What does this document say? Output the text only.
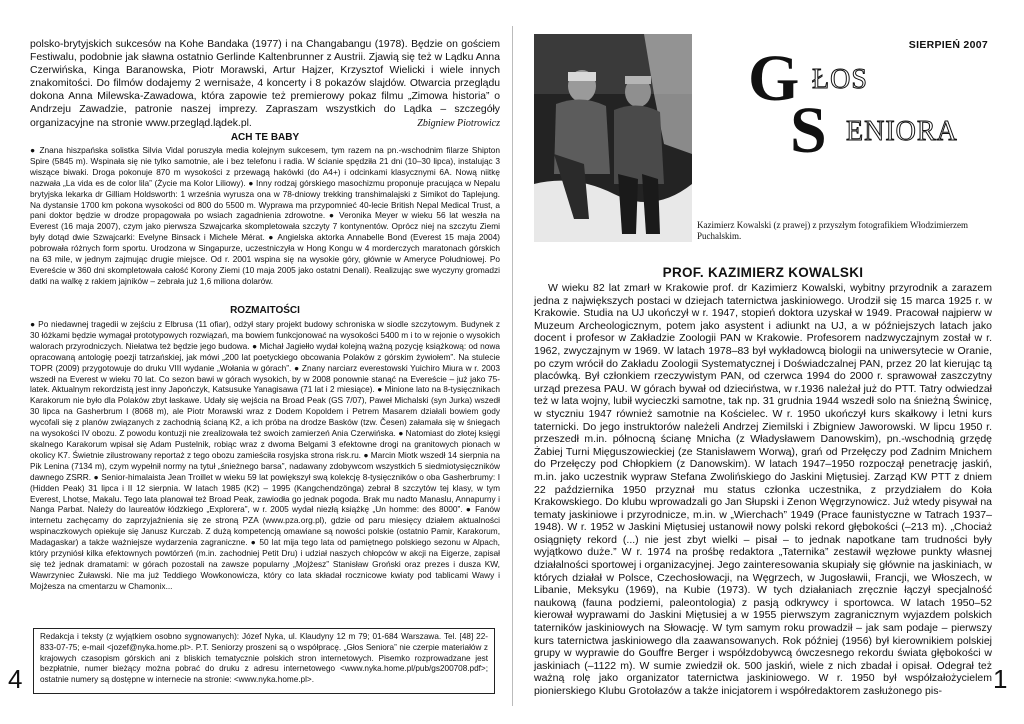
polsko-brytyjskich sukcesów na Kohe Bandaka (1977) i na Changabangu (1978). Będzie on gościem Festiwalu, podobnie jak sławna ostatnio Gerlinde Kaltenbrunner z Austrii. Zjawią się też w Lądku Anna Czerwińska, Kinga Baranowska, Piotr Morawski, Artur Hajzer, Krzysztof Wielicki i wiele innych znakomitości. Do filmów dodajemy 2 wernisaże, 4 koncerty i 8 pokazów slajdów. Otwarcia przeglądu dokona Anna Milewska-Zawadowa, która zapowie też premierowy pokaz filmu „Zimowa historia” o Andrzeju Zawadzie, patronie naszej imprezy. Zapraszam wszystkich do Lądka – szczegóły organizacyjne na stronie www.przegląd.lądek.pl.	Zbigniew Piotrowicz
ACH TE BABY
● Znana hiszpańska solistka Silvia Vidal poruszyła media kolejnym sukcesem, tym razem na pn.-wschodnim filarze Shipton Spire (5845 m). Wspinała się nie tylko samotnie, ale i bez telefonu i radia. W ścianie spędziła 21 dni (10–30 lipca), instalując 3 wiszące biwaki. Droga pokonuje 870 m wysokości z przewagą hakówki (do A4+) i odcinkami klasycznymi 6A. Nową niitkę nazwała „La vida es de color lila” (Życie ma Kolor Liliowy). ● Inny rodzaj górskiego masochizmu proponuje pracująca w Nepalu brytyjska lekarka dr Gilliam Holdsworth: 1 września wyrusza ona w 78-dniowy trekking transhimalajski z Simikot do Taplejung. Na dystansie 1700 km pokona wysokości od 800 do 5500 m. Wyprawa ma przypomnieć 40-lecie British Nepal Medical Trust, a pani doktor będzie w drodze propagowała po wsiach zagadnienia zdrowotne. ● Veronika Meyer w wieku 56 lat weszła na Everest (16 maja 2007), czym jako pierwsza Szwajcarka skompletowała szczyty 7 kontynentów. Oprócz niej na szczytu Ziemi były dotąd dwie Szwajcarki: Evelyne Binsack i Michele Mérat. ● Angielska aktorka Annabelle Bond (Everest 15 maja 2004) pobrowała różnych form sportu. Urodzona w Singapurze, uczestniczyła w Hong Kongu w 4 morderczych maratonach górskich na 63 mile, w jednym zajmując drugie miejsce. Od r. 2001 wspina się na wysokie góry, głównie w Ameryce Południowej. Po Evereście w 360 dni skompletowała całość Korony Ziemi (10 maja 2005 jako ostatni Denali). Realizując swe wyczyny gromadzi datki na walkę z rakiem jajników – zebrała już 1,6 miliona dolarów.
ROZMAITOŚCI
● Po niedawnej tragedii w zejściu z Elbrusa (11 ofiar), odżył stary projekt budowy schroniska w siodle szczytowym. Budynek z 30 łóżkami będzie wymagał prototypowych rozwiązań, ma bowiem funkcjonować na wysokości 5400 m i to w rejonie o wysokich walorach przyrodniczych. Niełatwa też będzie jego budowa. ● Michał Jagiełło wydał kolejną ważną pozycję książkową: od nowa opracowaną antologię poezji tatrzańskiej, jak mówi „200 lat poetyckiego obcowania Polaków z górskim żywiołem”. Na stulecie TOPR (2009) przygotowuje do druku VIII wydanie „Wołania w górach”. ● Znany narciarz everestowski Yuichiro Miura w r. 2003 wszedł na Everest w wieku 70 lat. Co sezon bawi w górach wysokich, by w 2008 ponownie stanąć na Evereście – już jako 75-latek. Aktualnym rekordzistą jest inny Japończyk, Katsusuke Yanagisawa (71 lat i 2 miesiące). ● Minione lato na 8-tysięcznikach Karakorum nie było dla Polaków zbyt łaskawe. Udały się wejścia na Broad Peak (GS 7/07), Paweł Michalski (syn Jurka) wszedł 30 lipca na Gasherbrum I (8068 m), ale Piotr Morawski wraz z Dodem Kopoldem i Petrem Masarem działali bowiem gody wycofali się z planów związanych z zachodnią ścianą K2, a ich próba na drodze Basków (tzw. Česen) załamała się w śniegach na wysokości IV obozu. Z powodu kontuzji nie zrealizowała też swoich zamierzeń Ania Czerwińska. ● Natomiast do złotej księgi skalnego Karakorum wpisał się Adam Pustelnik, robiąc wraz z dwoma Belgami 3 efektowne drogi na granitowych pionach w okolicy K7. Świetnie zilustrowany reportaż z tego obozu zamieściła rosyjska strona risk.ru. ● Marcin Miotk wszedł 14 sierpnia na Pik Lenina (7134 m), czym wypełnił normy na tytuł „śnieżnego barsa”, nadawany zdobywcom wszystkich 5 siedmiotysięczników dawnego ZSRR. ● Senior-himalaista Jean Troillet w wieku 59 lat powiększył swą kolekcję 8-tysięczników o oba Gasherbrumy: I (Hidden Peak) 31 lipca i II 12 sierpnia. W latach 1985 (K2) – 1995 (Kangchendzönga) zebrał 8 szczytów tej klasy, w tym Everest, Lhotse, Makalu. Tego lata planował też Broad Peak, zawiodła go jednak pogoda. Brak mu nadto Manaslu, Annapurny i Nanga Parbat. Należy do laureatów łódzkiego „Explorera”, w r. 2005 wydał niezłą książkę „Un homme: des 8000”. ● Fanów internetu zachęcamy do zaprzyjaźnienia się ze stroną PZA (www.pza.org.pl), gdzie od paru miesięcy działem aktualności wspinaczkowych opiekuje się Janusz Kurczab. Z dużą kompetencją omawiane są nowości polskie (ostatnio Pamir, Karakorum, Madagaskar) a także ważniejsze wydarzenia zagraniczne. ● 50 lat mija tego lata od pamiętnego polskiego sezonu w Alpach, który przyniósł kilka efektownych powtórzeń (m.in. zachodniej Petit Dru) i udział naszych chłopców w akcji na Eigerze, zapisał się też jednak dramatami: w górach pozostali na zawsze popularny „Mojżesz” Stanisław Groński oraz prezes i dusza KW, Wawrzyniec Żuławski. Nie ma już Teddiego Wowkonowicza, który co lata składał rocznicowe kwiaty pod tablicami Wawy i Mojżesza na cmentarzu w Chamonix...
Redakcja i teksty (z wyjątkiem osobno sygnowanych): Józef Nyka, ul. Klaudyny 12 m 79; 01-684 Warszawa. Tel. [48] 22-833-07-75; e-mail <jozef@nyka.home.pl>. P.T. Seniorzy proszeni są o współpracę. „Głos Seniora” nie czerpie materiałów z krajowych czasopism górskich ani z bliskich tematycznie polskich stron internetowych. Pisemko rozprowadzane jest bezpłatnie, numer bieżący można pobrać do druku z adresu internetowego <www.nyka.home.pl/pub/gs200708.pdf>; ostatnie numery są dostępne w internecie na stronie: <www.nyka.home.pl>.
4
SIERPIEŃ 2007
G ŁOS
S ENIORA
Kazimierz Kowalski (z prawej) z przyszłym fotografikiem Włodzimierzem Puchalskim.
PROF. KAZIMIERZ KOWALSKI
W wieku 82 lat zmarł w Krakowie prof. dr Kazimierz Kowalski, wybitny przyrodnik a zarazem jedna z największych postaci w dziejach taternictwa jaskiniowego. Urodził się 15 marca 1925 r. w Krakowie. Studia na UJ ukończył w r. 1947, stopień doktora uzyskał w 1949. Pracował najpierw w Muzeum Archeologicznym, potem jako asystent i adiunkt na UJ, a w późniejszych latach jako docent i profesor w Zakładzie Zoologii PAN w Krakowie. Profesorem nadzwyczajnym został w r. 1962, zwyczajnym w 1969. W latach 1978–83 był wykładowcą biologii na uniwersytecie w Oranie, po czym wrócił do Zakładu Zoologii Systematycznej i Doświadczalnej PAN, przez 20 lat kierując tą placówką. Był członkiem rzeczywistym PAN, od czerwca 1994 do 2000 r. sprawował zaszczytny urząd prezesa PAU. W górach bywał od dzieciństwa, w r.1936 należał już do PTT. Tatry odwiedzał też w lata wojny, lubił wycieczki samotne, tak np. 31 grudnia 1944 wszedł solo na śnieżną Świnicę, w styczniu 1947 również samotnie na Kościelec. W r. 1950 ukończył kurs skałkowy i letni kurs taternicki. Do jego instruktorów należeli Andrzej Ziemilski i Zbigniew Jaworowski. W lipcu 1950 r. przeszedł m.in. północną ścianę Mnicha (z Władysławem Danowskim), pn.-wschodnią grzędę Żabiej Turni Mięguszowieckiej (ze Stanisławem Worwą), grań od Przełęczy pod Zadnim Mnichem do Przełęczy pod Chłopkiem (z Danowskim). W latach 1947–1950 rozpoczął penetrację jaskiń, m.in. jako uczestnik wypraw Stefana Zwolińskiego do Jaskini Miętusiej. Zarząd KW PTT z dniem 22 października 1950 przyznał mu status członka uczestnika, z przydziałem do Koła Krakowskiego. Do klubu wprowadzali go Jan Słupski i Zenon Węgrzynowicz. Już wtedy pisywał na tematy jaskiniowe i przyrodnicze, m.in. w „Wierchach” 1949 (Prace faunistyczne w Tatrach 1937–1948). W r. 1952 w Jaskini Miętusiej ustanowił nowy polski rekord głębokości (–213 m). „Chociaż osiągnięty rekord (...) nie jest zbyt wielki – pisał – to jednak napotkane tam trudności były wyjątkowo duże.” W r. 1974 na prośbę redaktora „Taternika” zestawił węzłowe punkty własnej działalności sportowej i organizacyjnej. Jego zainteresowania skupiały się głównie na jaskiniach, w których działał w Polsce, Czechosłowacji, na Węgrzech, w Jugosławii, Francji, we Włoszech, w Libanie, Meksyku (1969), na Kubie (1973). W tych działaniach zręcznie łączył specjalność naukową (fauna podziemi, paleontologia) z pasją odkrywcy i sportowca. W latach 1950–52 kierował wyprawami do Jaskini Miętusiej a w 1955 pierwszym zagranicznym wyjazdem polskich taterników jaskiniowych na Słowację. W tym samym roku prowadził – jak sam podaje – pierwszy kurs taternictwa jaskiniowego dla zaawansowanych. Rok później (1956) był kierownikiem polskiej grupy w wyprawie do Gouffre Berger i współzdobywcą ówczesnego rekordu świata głębokości w jaskiniach (–1122 m). W sumie zwiedził ok. 500 jaskiń, wiele z nich zbadał i opisał. Odegrał też ważną rolę jako organizator taternictwa jaskiniowego. W r. 1950 był współzałożycielem pionierskiego Klubu Grotołazów a także inicjatorem i współredaktorem zasłużonego pis-	1
